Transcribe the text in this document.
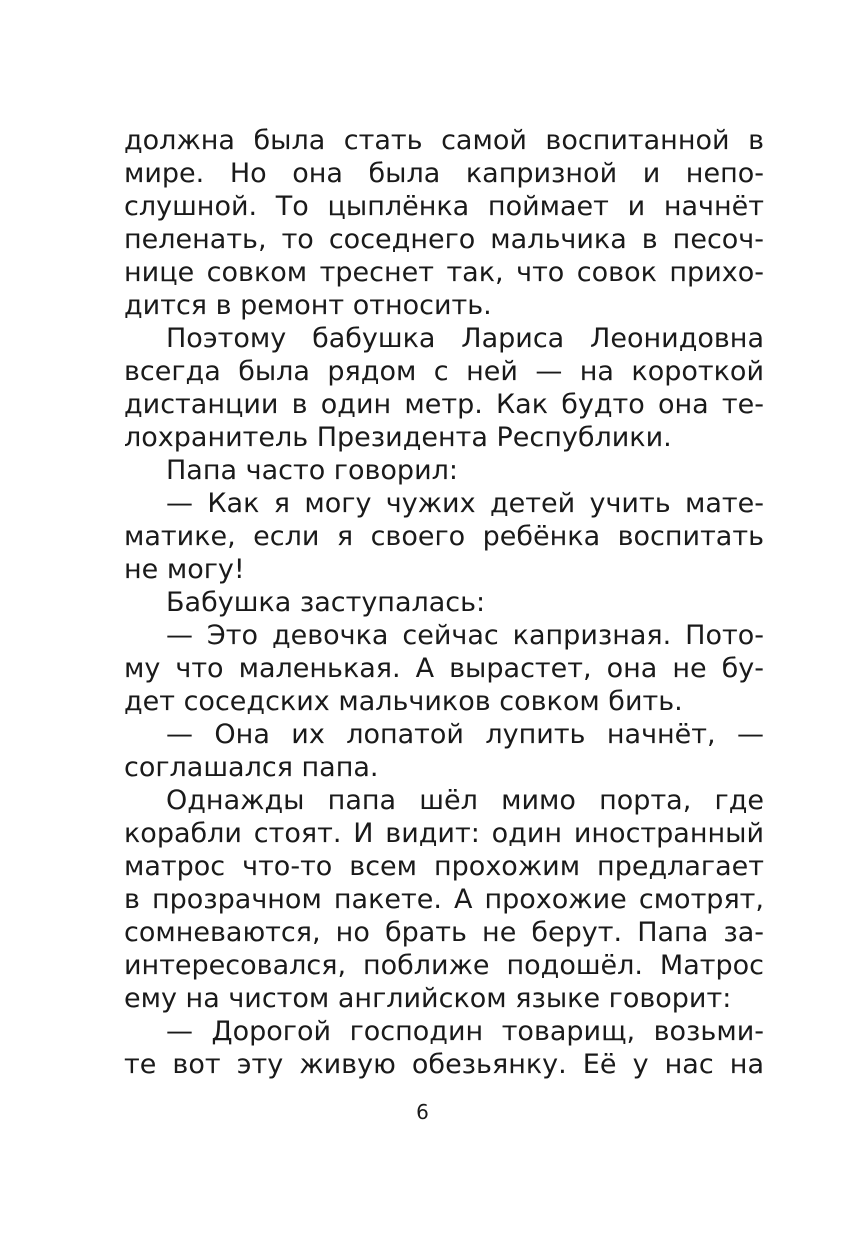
должна была стать самой воспитанной в
мире. Но она была капризной и непо-
слушной. То цыплёнка поймает и начнёт
пеленать, то соседнего мальчика в песоч-
нице совком треснет так, что совок прихо-
дится в ремонт относить.
Поэтому бабушка Лариса Леонидовна
всегда была рядом с ней — на короткой
дистанции в один метр. Как будто она те-
лохранитель Президента Республики.
Папа часто говорил:
— Как я могу чужих детей учить мате-
матике, если я своего ребёнка воспитать
не могу!
Бабушка заступалась:
— Это девочка сейчас капризная. Пото-
му что маленькая. А вырастет, она не бу-
дет соседских мальчиков совком бить.
— Она их лопатой лупить начнёт, —
соглашался папа.
Однажды папа шёл мимо порта, где
корабли стоят. И видит: один иностранный
матрос что-то всем прохожим предлагает
в прозрачном пакете. А прохожие смотрят,
сомневаются, но брать не берут. Папа за-
интересовался, поближе подошёл. Матрос
ему на чистом английском языке говорит:
— Дорогой господин товарищ, возьми-
те вот эту живую обезьянку. Её у нас на
6
